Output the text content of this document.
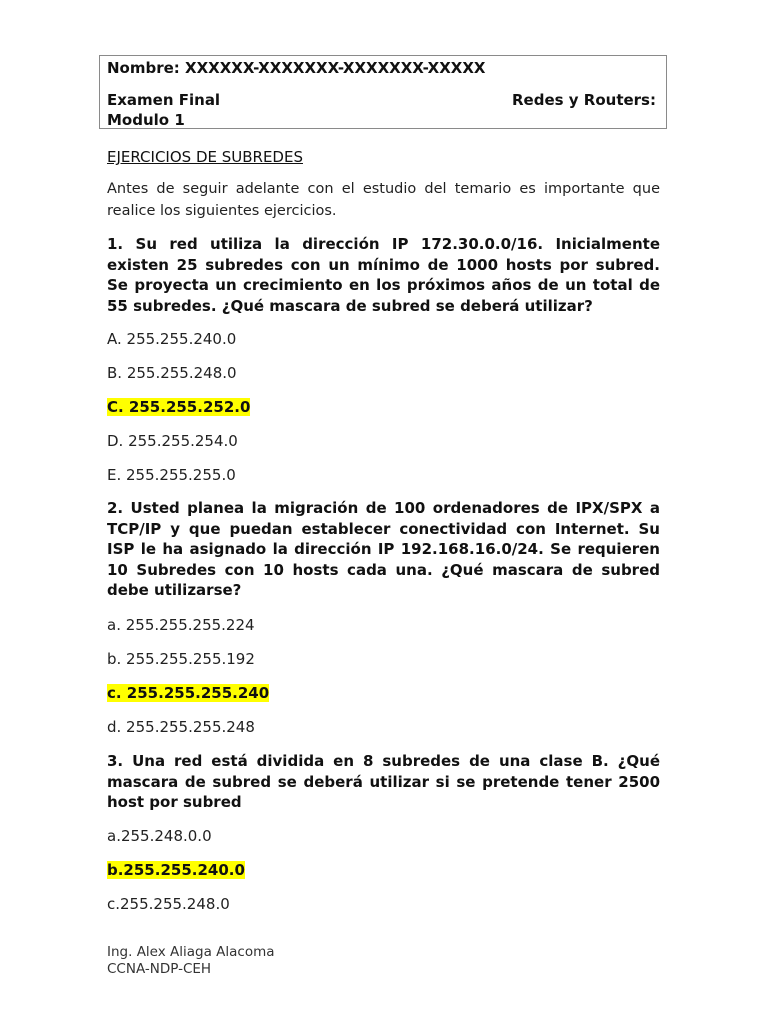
Nombre: XXXXXX-XXXXXXX-XXXXXXX-XXXXX
Examen Final	Redes y Routers:
Modulo 1
EJERCICIOS DE SUBREDES
Antes de seguir adelante con el estudio del temario es importante que realice los siguientes ejercicios.
1. Su red utiliza la dirección IP 172.30.0.0/16. Inicialmente existen 25 subredes con un mínimo de 1000 hosts por subred. Se proyecta un crecimiento en los próximos años de un total de 55 subredes. ¿Qué mascara de subred se deberá utilizar?
A. 255.255.240.0
B. 255.255.248.0
C. 255.255.252.0
D. 255.255.254.0
E. 255.255.255.0
2. Usted planea la migración de 100 ordenadores de IPX/SPX a TCP/IP y que puedan establecer conectividad con Internet. Su ISP le ha asignado la dirección IP 192.168.16.0/24. Se requieren 10 Subredes con 10 hosts cada una. ¿Qué mascara de subred debe utilizarse?
a. 255.255.255.224
b. 255.255.255.192
c. 255.255.255.240
d. 255.255.255.248
3. Una red está dividida en 8 subredes de una clase B. ¿Qué mascara de subred se deberá utilizar si se pretende tener 2500 host por subred
a.255.248.0.0
b.255.255.240.0
c.255.255.248.0
Ing. Alex Aliaga Alacoma
CCNA-NDP-CEH
